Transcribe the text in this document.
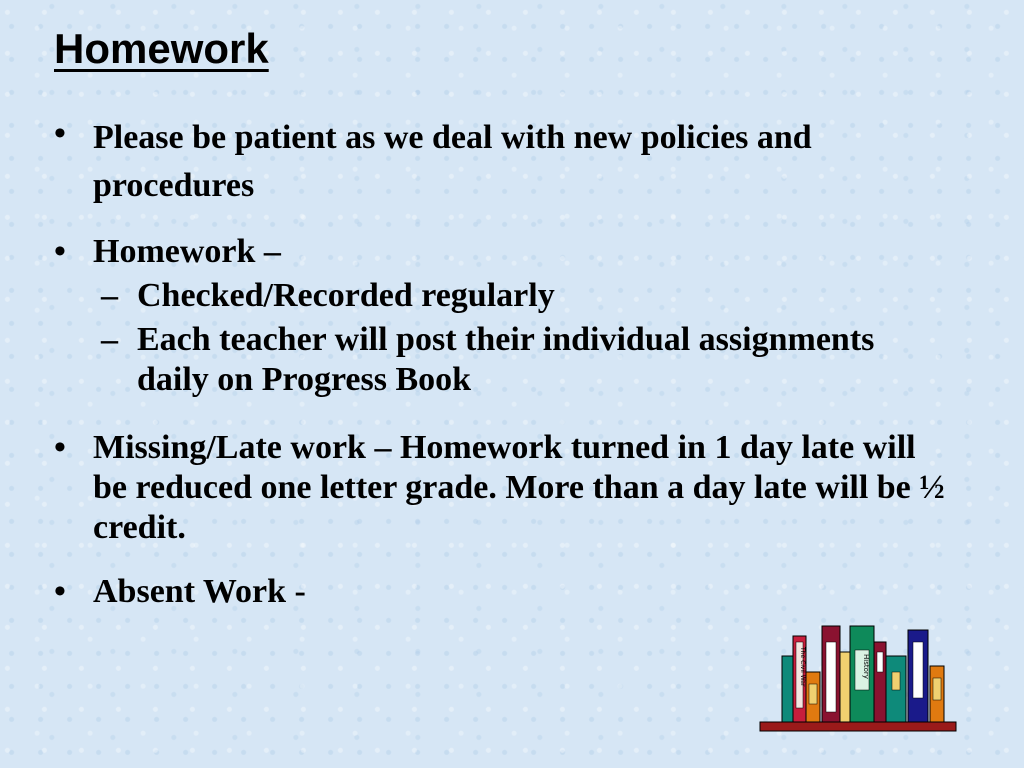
Homework
• Please be patient as we deal with new policies and procedures
• Homework –
– Checked/Recorded regularly
– Each teacher will post their individual assignments daily on Progress Book
• Missing/Late work – Homework turned in 1 day late will be reduced one letter grade. More than a day late will be ½ credit.
• Absent Work -
The Civil War	History
